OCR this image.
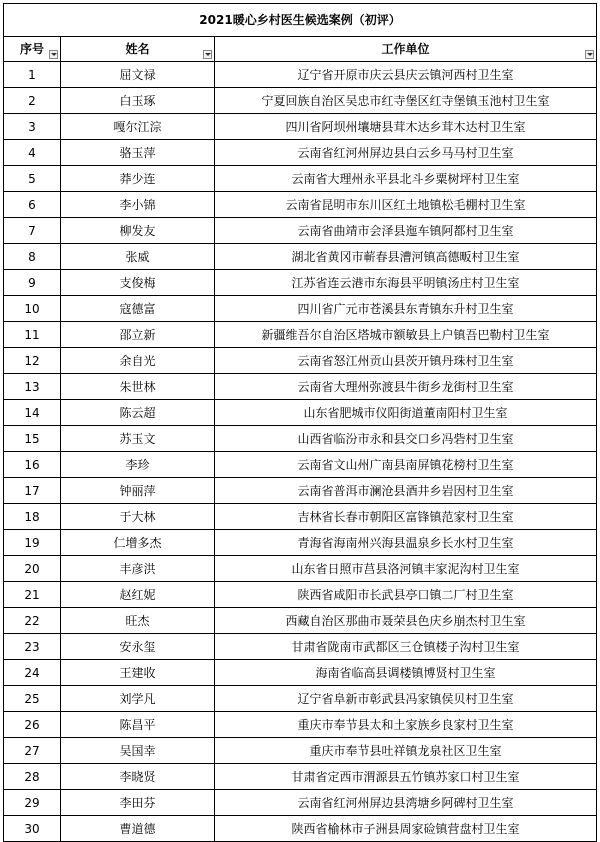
2021暖心乡村医生候选案例（初评）		
序号	姓名	工作单位

1	屈文禄	辽宁省开原市庆云县庆云镇河西村卫生室
2	白玉琢	宁夏回族自治区吴忠市红寺堡区红寺堡镇玉池村卫生室
3	嘎尔江淙	四川省阿坝州壤塘县茸木达乡茸木达村卫生室
4	骆玉萍	云南省红河州屏边县白云乡马马村卫生室
5	莽少连	云南省大理州永平县北斗乡粟树坪村卫生室
6	李小锦	云南省昆明市东川区红土地镇松毛棚村卫生室
7	柳发友	云南省曲靖市会泽县迤车镇阿都村卫生室
8	张威	湖北省黄冈市蕲春县漕河镇高德畈村卫生室
9	支俊梅	江苏省连云港市东海县平明镇汤庄村卫生室
10	寇德富	四川省广元市苍溪县东青镇东升村卫生室
11	邵立新	新疆维吾尔自治区塔城市额敏县上户镇吾巴勒村卫生室
12	余自光	云南省怒江州贡山县茨开镇丹珠村卫生室
13	朱世林	云南省大理州弥渡县牛街乡龙街村卫生室
14	陈云超	山东省肥城市仪阳街道董南阳村卫生室
15	苏玉文	山西省临汾市永和县交口乡冯砦村卫生室
16	李珍	云南省文山州广南县南屏镇花榜村卫生室
17	钟丽萍	云南省普洱市澜沧县酒井乡岩因村卫生室
18	于大林	吉林省长春市朝阳区富锋镇范家村卫生室
19	仁增多杰	青海省海南州兴海县温泉乡长水村卫生室
20	丰彦洪	山东省日照市莒县洛河镇丰家泥沟村卫生室
21	赵红妮	陕西省咸阳市长武县亭口镇二厂村卫生室
22	旺杰	西藏自治区那曲市聂荣县色庆乡崩杰村卫生室
23	安永玺	甘肃省陇南市武都区三仓镇楼子沟村卫生室
24	王建收	海南省临高县调楼镇博贤村卫生室
25	刘学凡	辽宁省阜新市彰武县冯家镇侯贝村卫生室
26	陈昌平	重庆市奉节县太和土家族乡良家村卫生室
27	吴国幸	重庆市奉节县吐祥镇龙泉社区卫生室
28	李晓贤	甘肃省定西市渭源县五竹镇苏家口村卫生室
29	李田芬	云南省红河州屏边县湾塘乡阿碑村卫生室
30	曹道德	陕西省榆林市子洲县周家硷镇营盘村卫生室
